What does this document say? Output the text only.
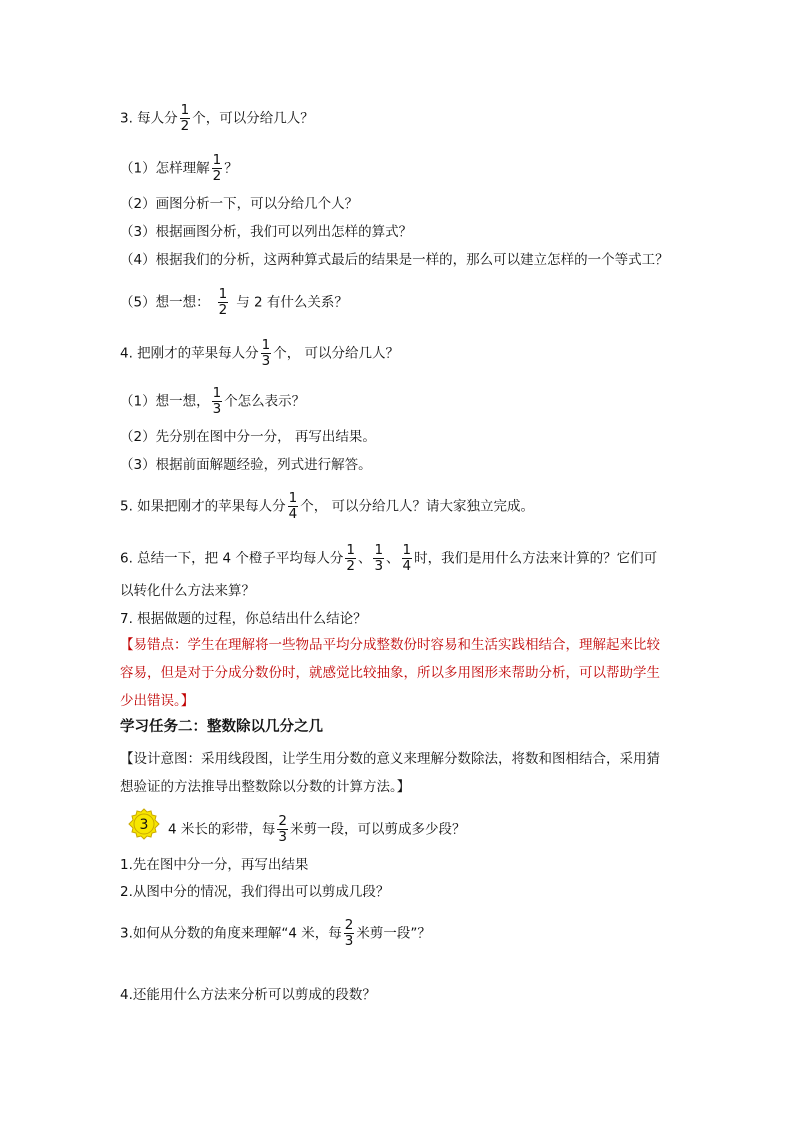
3. 每人分 $\frac{1}{2}$ 个，可以分给几人？
（1）怎样理解 $\frac{1}{2}$ ？
（2）画图分析一下，可以分给几个人？
（3）根据画图分析，我们可以列出怎样的算式？
（4）根据我们的分析，这两种算式最后的结果是一样的，那么可以建立怎样的一个等式工？
（5）想一想： $\frac{1}{2}$ 与 2 有什么关系？
4. 把刚才的苹果每人分 $\frac{1}{3}$ 个， 可以分给几人？
（1）想一想， $\frac{1}{3}$ 个怎么表示？
（2）先分别在图中分一分， 再写出结果。
（3）根据前面解题经验，列式进行解答。
5. 如果把刚才的苹果每人分 $\frac{1}{4}$ 个， 可以分给几人？请大家独立完成。
6. 总结一下，把 4 个橙子平均每人分 $\frac{1}{2}$ 、 $\frac{1}{3}$ 、 $\frac{1}{4}$ 时，我们是用什么方法来计算的？它们可
以转化什么方法来算？
7. 根据做题的过程，你总结出什么结论？
【易错点：学生在理解将一些物品平均分成整数份时容易和生活实践相结合，理解起来比较
容易，但是对于分成分数份时，就感觉比较抽象，所以多用图形来帮助分析，可以帮助学生
少出错误。】
学习任务二：整数除以几分之几
【设计意图：采用线段图，让学生用分数的意义来理解分数除法，将数和图相结合，采用猜
想验证的方法推导出整数除以分数的计算方法。】
3 4 米长的彩带，每 $\frac{2}{3}$ 米剪一段，可以剪成多少段？
1.先在图中分一分，再写出结果
2.从图中分的情况，我们得出可以剪成几段？
3.如何从分数的角度来理解“4 米，每 $\frac{2}{3}$ 米剪一段”？
4.还能用什么方法来分析可以剪成的段数？
